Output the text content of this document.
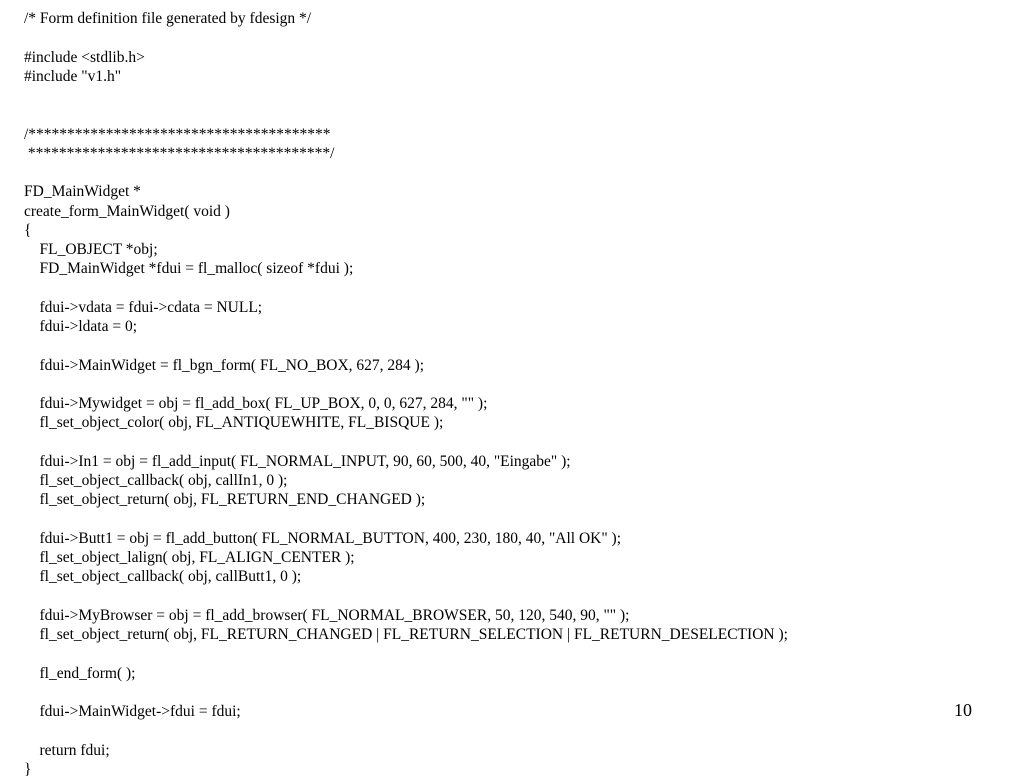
/* Form definition file generated by fdesign */
#include <stdlib.h>
#include "v1.h"
/***************************************
***************************************/
FD_MainWidget *
create_form_MainWidget( void )
{
FL_OBJECT *obj;
FD_MainWidget *fdui = fl_malloc( sizeof *fdui );
fdui->vdata = fdui->cdata = NULL;
fdui->ldata = 0;
fdui->MainWidget = fl_bgn_form( FL_NO_BOX, 627, 284 );
fdui->Mywidget = obj = fl_add_box( FL_UP_BOX, 0, 0, 627, 284, "" );
fl_set_object_color( obj, FL_ANTIQUEWHITE, FL_BISQUE );
fdui->In1 = obj = fl_add_input( FL_NORMAL_INPUT, 90, 60, 500, 40, "Eingabe" );
fl_set_object_callback( obj, callIn1, 0 );
fl_set_object_return( obj, FL_RETURN_END_CHANGED );
fdui->Butt1 = obj = fl_add_button( FL_NORMAL_BUTTON, 400, 230, 180, 40, "All OK" );
fl_set_object_lalign( obj, FL_ALIGN_CENTER );
fl_set_object_callback( obj, callButt1, 0 );
fdui->MyBrowser = obj = fl_add_browser( FL_NORMAL_BROWSER, 50, 120, 540, 90, "" );
fl_set_object_return( obj, FL_RETURN_CHANGED | FL_RETURN_SELECTION | FL_RETURN_DESELECTION );
fl_end_form( );
fdui->MainWidget->fdui = fdui;
return fdui;
}
10
